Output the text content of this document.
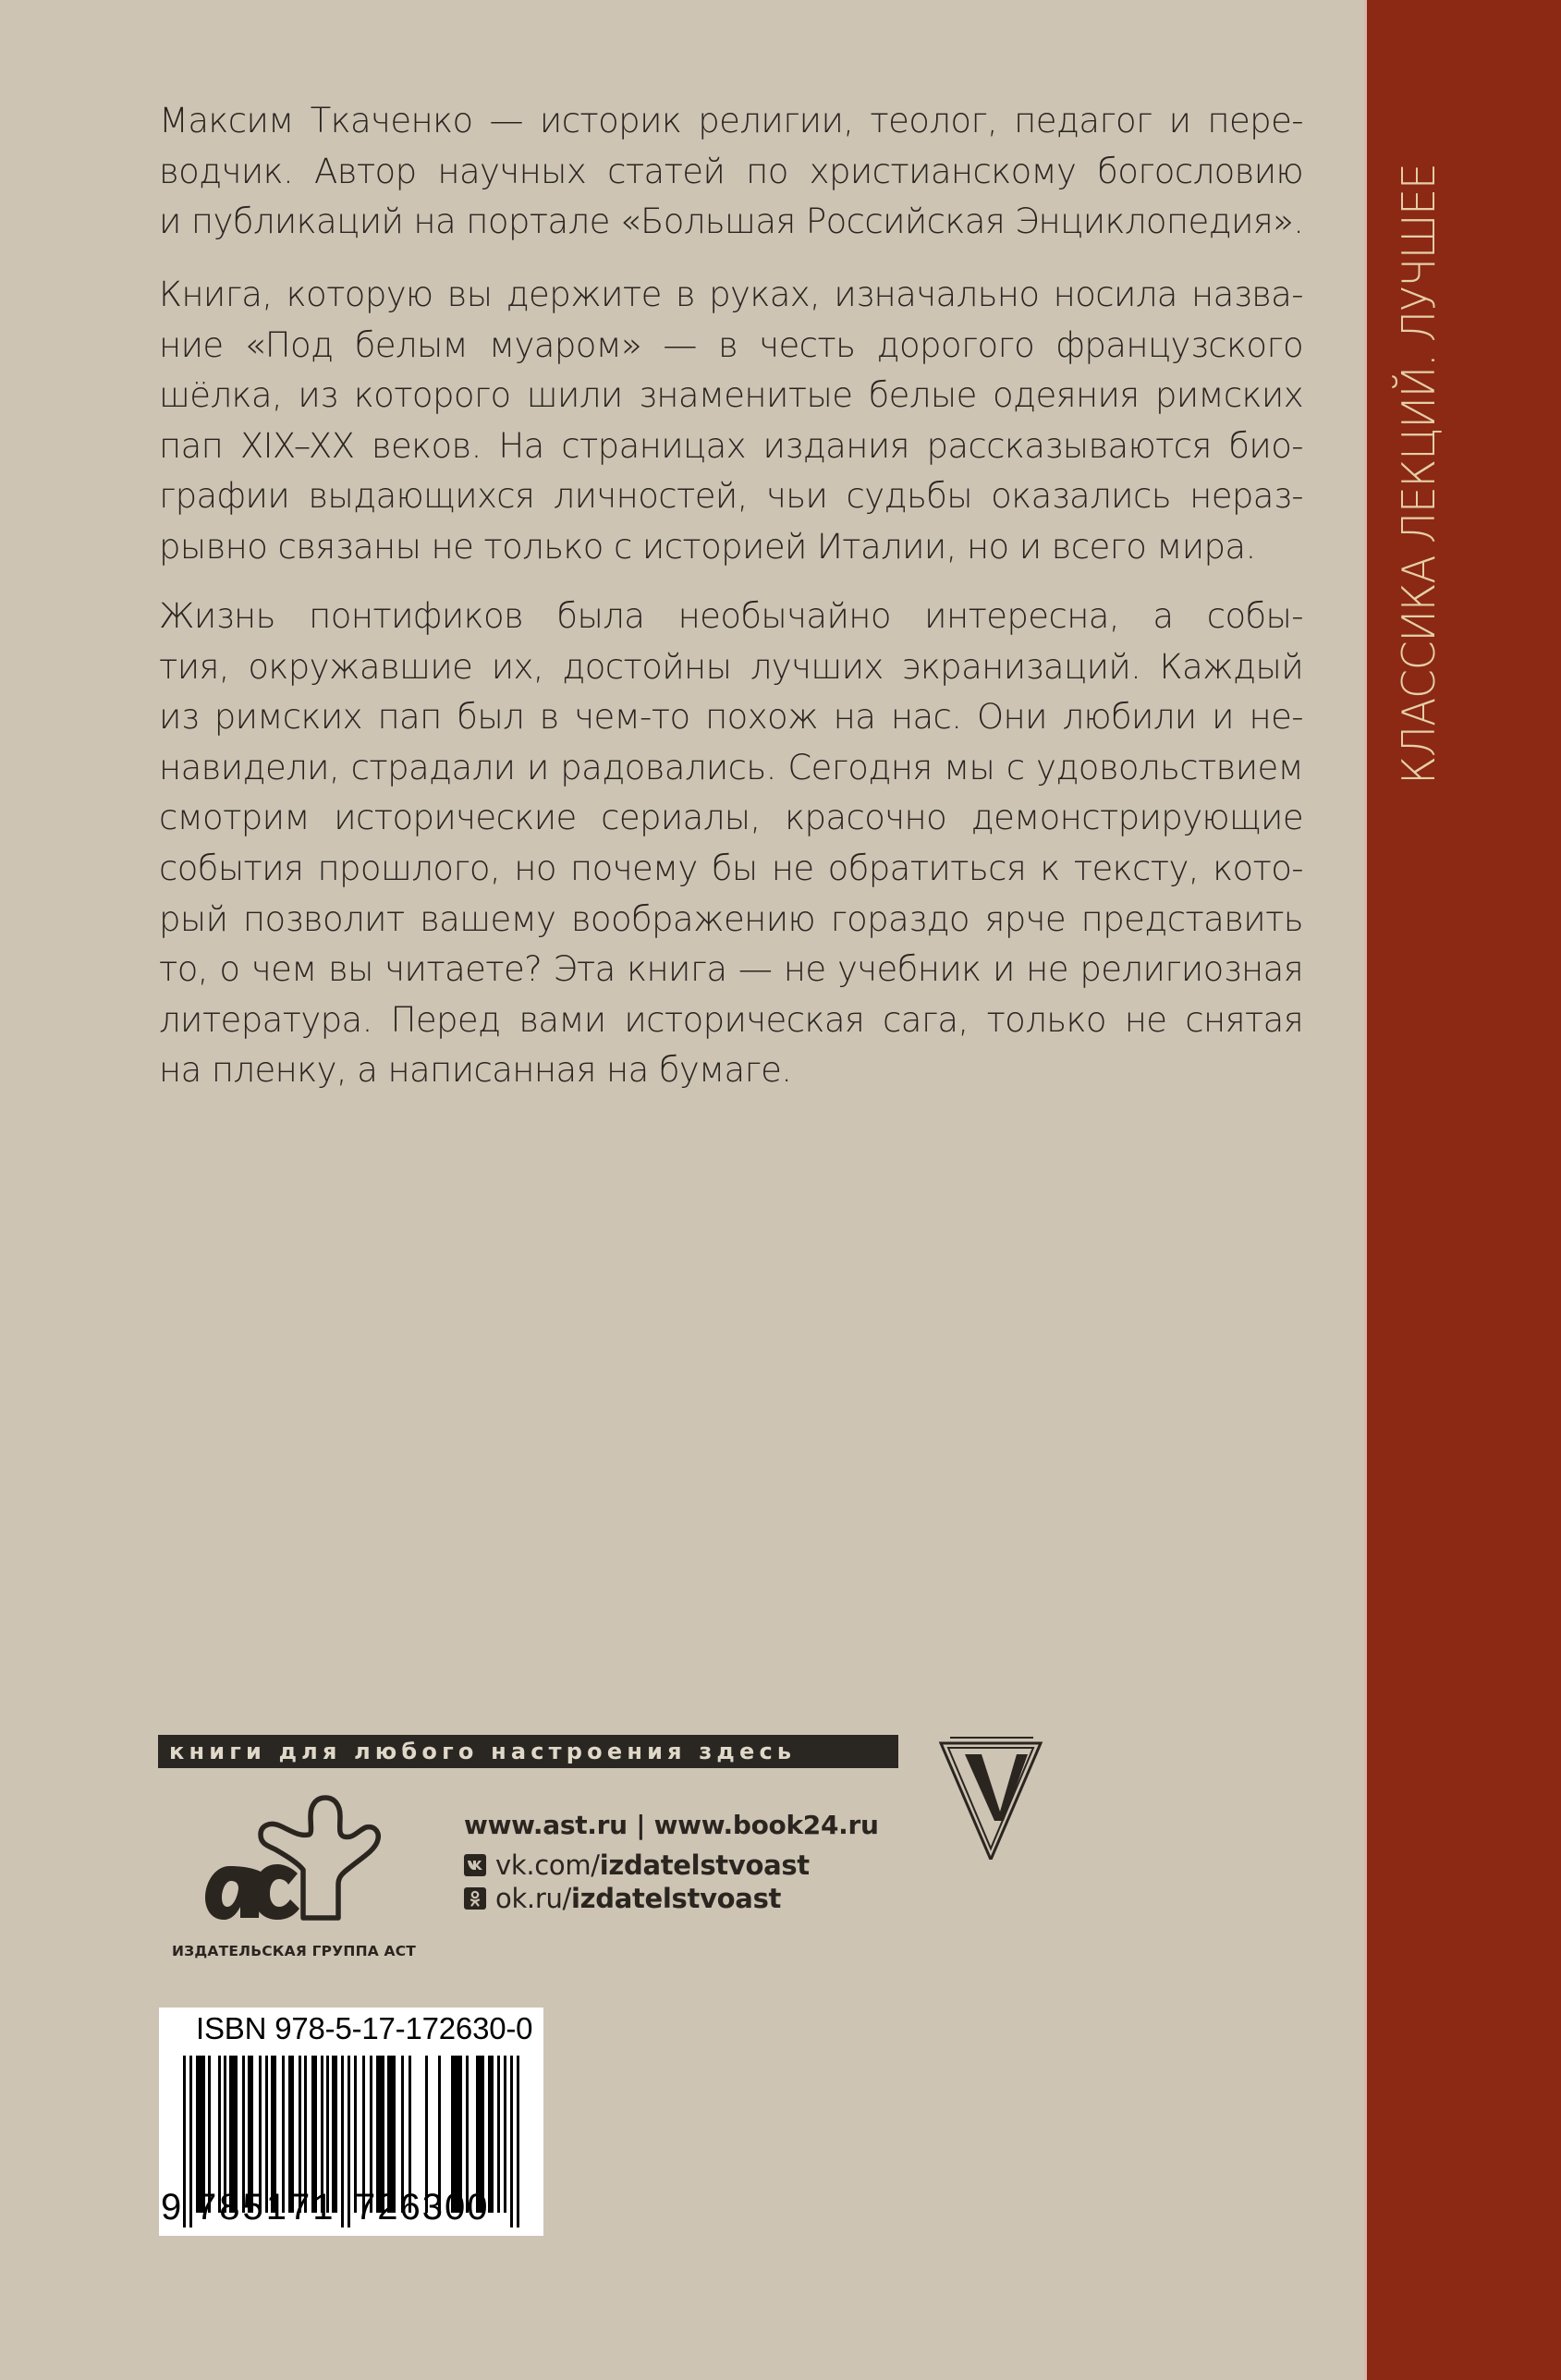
Максим Ткаченко — историк религии, теолог, педагог и пере-
водчик. Автор научных статей по христианскому богословию
и публикаций на портале «Большая Российская Энциклопедия».
Книга, которую вы держите в руках, изначально носила назва-
ние «Под белым муаром» — в честь дорогого французского
шёлка, из которого шили знаменитые белые одеяния римских
пап XIX–XX веков. На страницах издания рассказываются био-
графии выдающихся личностей, чьи судьбы оказались нераз-
рывно связаны не только с историей Италии, но и всего мира.
Жизнь понтификов была необычайно интересна, а собы-
тия, окружавшие их, достойны лучших экранизаций. Каждый
из римских пап был в чем-то похож на нас. Они любили и не-
навидели, страдали и радовались. Сегодня мы с удовольствием
смотрим исторические сериалы, красочно демонстрирующие
события прошлого, но почему бы не обратиться к тексту, кото-
рый позволит вашему воображению гораздо ярче представить
то, о чем вы читаете? Эта книга — не учебник и не религиозная
литература. Перед вами историческая сага, только не снятая
на пленку, а написанная на бумаге.
книги для любого настроения здесь
ИЗДАТЕЛЬСКАЯ ГРУППА АСТ
www.ast.ru | www.book24.ru
vk.com/ izdatelstvoast
ok.ru/ izdatelstvoast
ISBN 978-5-17-172630-0
9 785171 726300
КЛАССИКА ЛЕКЦИЙ. ЛУЧШЕЕ
